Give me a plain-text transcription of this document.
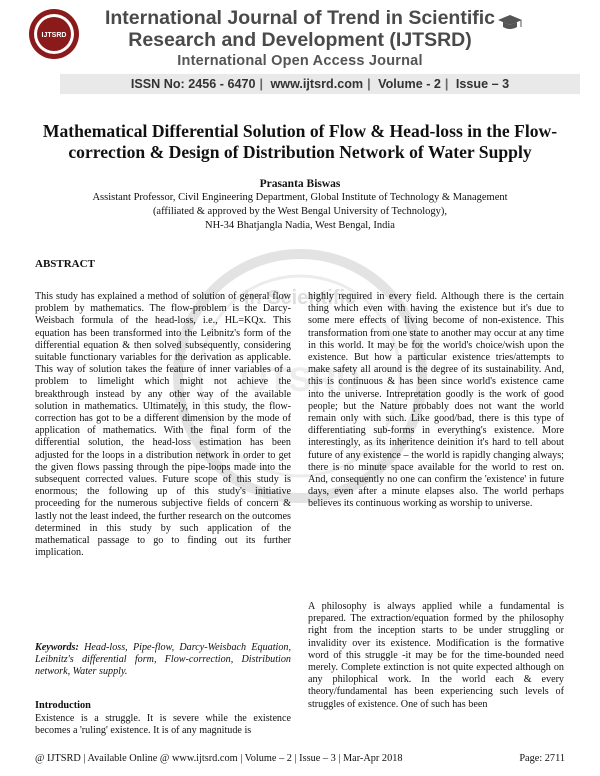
IJTSRD
International Journal of Trend in Scientific
Research and Development (IJTSRD)
International Open Access Journal
ISSN No: 2456 - 6470 | www.ijtsrd.com | Volume - 2 | Issue – 3
Mathematical Differential Solution of Flow & Head-loss in the Flow-correction & Design of Distribution Network of Water Supply
Prasanta Biswas
Assistant Professor, Civil Engineering Department, Global Institute of Technology & Management
(affiliated & approved by the West Bengal University of Technology),
NH-34 Bhatjangla Nadia, West Bengal, India
In Scientific
IJTSRD
ABSTRACT

This study has explained a method of solution of general flow problem by mathematics. The flow-problem is the Darcy-Weisbach formula of the head-loss, i.e., HL=KQx. This equation has been transformed into the Leibnitz's form of the differential equation & then solved subsequently, considering suitable functionary variables for the derivation as applicable. This way of solution takes the feature of inner variables of a problem to limelight which might not achieve the breakthrough instead by any other way of the available solution in mathematics. Ultimately, in this study, the flow-correction has got to be a different dimension by the mode of application of mathematics. With the final form of the differential solution, the head-loss estimation has been adjusted for the loops in a distribution network in order to get the given flows passing through the pipe-loops made into the subsequent corrected values. Future scope of this study is enormous; the following up of this study's initiative proceeding for the numerous subjective fields of concern & lastly not the least indeed, the further research on the outcomes determined in this study by such application of the mathematical passage to go to finding out its further implication.

Keywords: Head-loss, Pipe-flow, Darcy-Weisbach Equation, Leibnitz's differential form, Flow-correction, Distribution network, Water supply.

Introduction

Existence is a struggle. It is severe while the existence becomes a 'ruling' existence. It is of any magnitude is

highly required in every field. Although there is the certain thing which even with having the existence but it's due to some mere effects of living become of non-existence. This transformation from one state to another may occur at any time in this world. It may be for the world's choice/wish upon the existence. But how a particular existence tries/attempts to make safety all around is the degree of its sustainability. And, this is continuous & has been since world's existence came into the universe. Intrepretation goodly is the work of good people; but the Nature probably does not want the world remain only with such. Like good/bad, there is this type of differentiating sub-forms in everything's existence. More interestingly, as its inheritence deinition it's hard to tell about future of any existence – the world is rapidly changing always; there is no minute space available for the world to rest on. And, consequently no one can confirm the 'existence' in future days, even after a minute elapses also. The world perhaps believes its continuous working as worship to universe.

A philosophy is always applied while a fundamental is prepared. The extraction/equation formed by the philosophy right from the inception starts to be under struggling or invalidity over its existence. Modification is the formative word of this struggle -it may be for the time-bounded need merely. Complete extinction is not quite expected although on any philophical work. In the world each & every theory/fundamental has been experiencing such levels of struggles of existence. One of such has been

@ IJTSRD | Available Online @ www.ijtsrd.com | Volume – 2 | Issue – 3 | Mar-Apr 2018	Page: 2711
